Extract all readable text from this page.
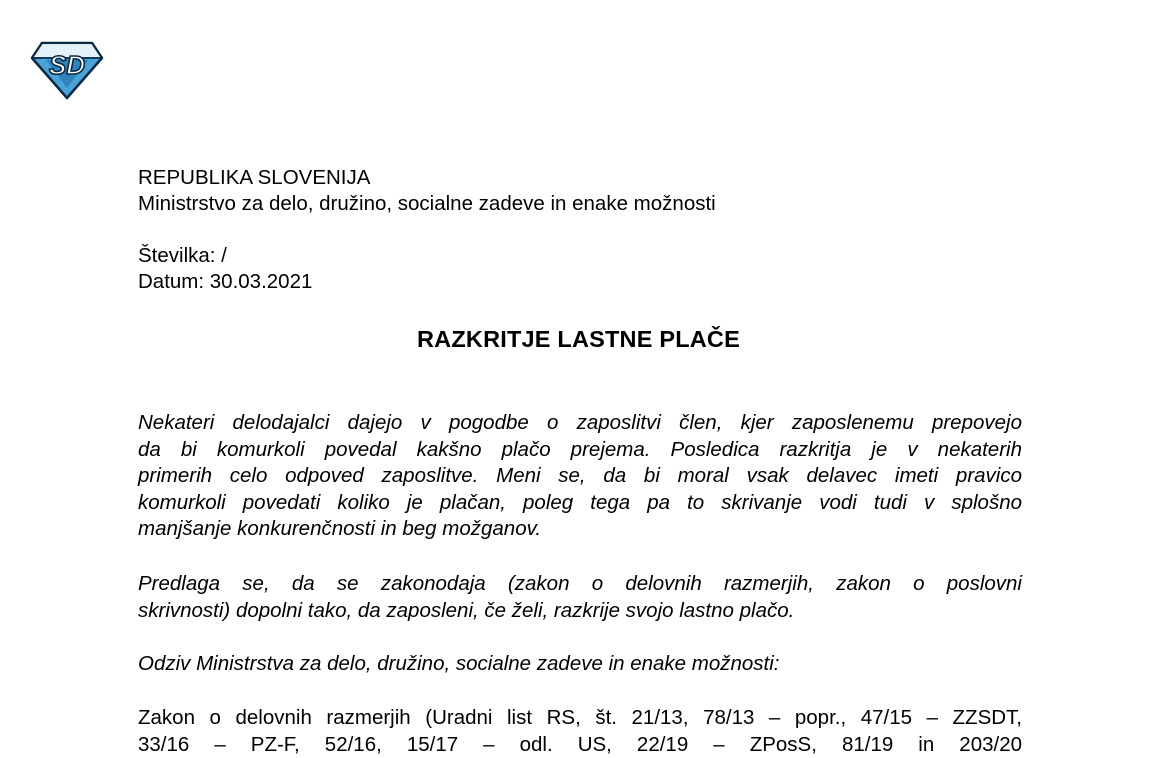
SD
REPUBLIKA SLOVENIJA
Ministrstvo za delo, družino, socialne zadeve in enake možnosti
Številka: /
Datum: 30.03.2021
RAZKRITJE LASTNE PLAČE
Nekateri delodajalci dajejo v pogodbe o zaposlitvi člen, kjer zaposlenemu prepovejo
da bi komurkoli povedal kakšno plačo prejema. Posledica razkritja je v nekaterih
primerih celo odpoved zaposlitve. Meni se, da bi moral vsak delavec imeti pravico
komurkoli povedati koliko je plačan, poleg tega pa to skrivanje vodi tudi v splošno
manjšanje konkurenčnosti in beg možganov.
Predlaga se, da se zakonodaja (zakon o delovnih razmerjih, zakon o poslovni
skrivnosti) dopolni tako, da zaposleni, če želi, razkrije svojo lastno plačo.
Odziv Ministrstva za delo, družino, socialne zadeve in enake možnosti:
Zakon o delovnih razmerjih (Uradni list RS, št. 21/13, 78/13 – popr., 47/15 – ZZSDT,
33/16 – PZ-F, 52/16, 15/17 – odl. US, 22/19 – ZPosS, 81/19 in 203/20
